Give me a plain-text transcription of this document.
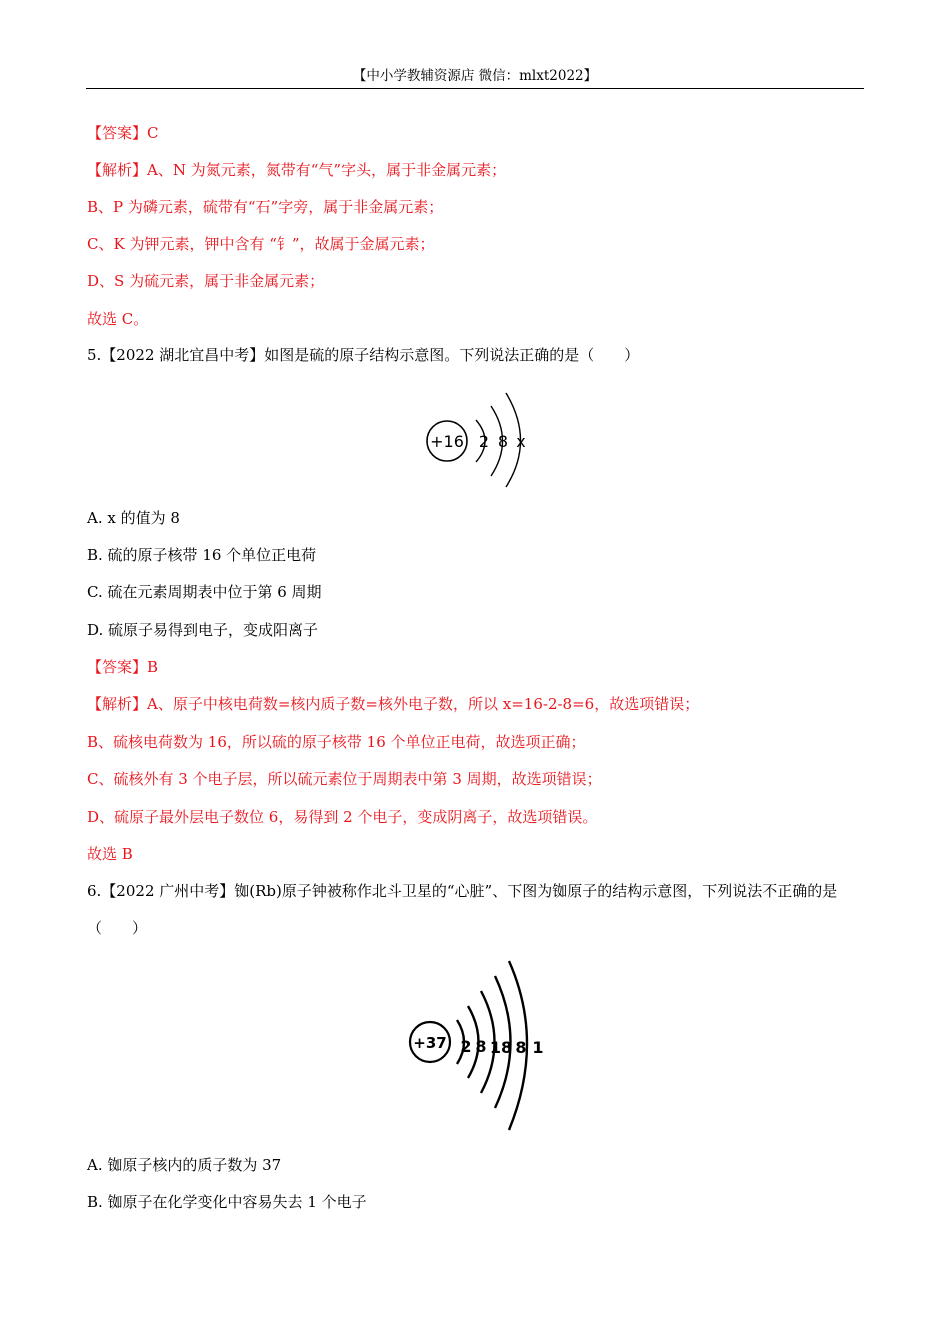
【中小学教辅资源店 微信：mlxt2022】
【答案】C
【解析】A、N 为氮元素，氮带有“气”字头，属于非金属元素；
B、P 为磷元素，硫带有“石”字旁，属于非金属元素；
C、K 为钾元素，钾中含有 “钅”，故属于金属元素；
D、S 为硫元素，属于非金属元素；
故选 C。
5.【2022 湖北宜昌中考】如图是硫的原子结构示意图。下列说法正确的是（　　）
+16 2 8 x
A. x 的值为 8
B. 硫的原子核带 16 个单位正电荷
C. 硫在元素周期表中位于第 6 周期
D. 硫原子易得到电子，变成阳离子
【答案】B
【解析】A、原子中核电荷数=核内质子数=核外电子数，所以 x=16-2-8=6，故选项错误；
B、硫核电荷数为 16，所以硫的原子核带 16 个单位正电荷，故选项正确；
C、硫核外有 3 个电子层，所以硫元素位于周期表中第 3 周期，故选项错误；
D、硫原子最外层电子数位 6，易得到 2 个电子，变成阴离子，故选项错误。
故选 B
6.【2022 广州中考】铷(Rb)原子钟被称作北斗卫星的“心脏”、下图为铷原子的结构示意图，下列说法不正确的是（　　）
+37 2 8 18 8 1
A. 铷原子核内的质子数为 37
B. 铷原子在化学变化中容易失去 1 个电子
